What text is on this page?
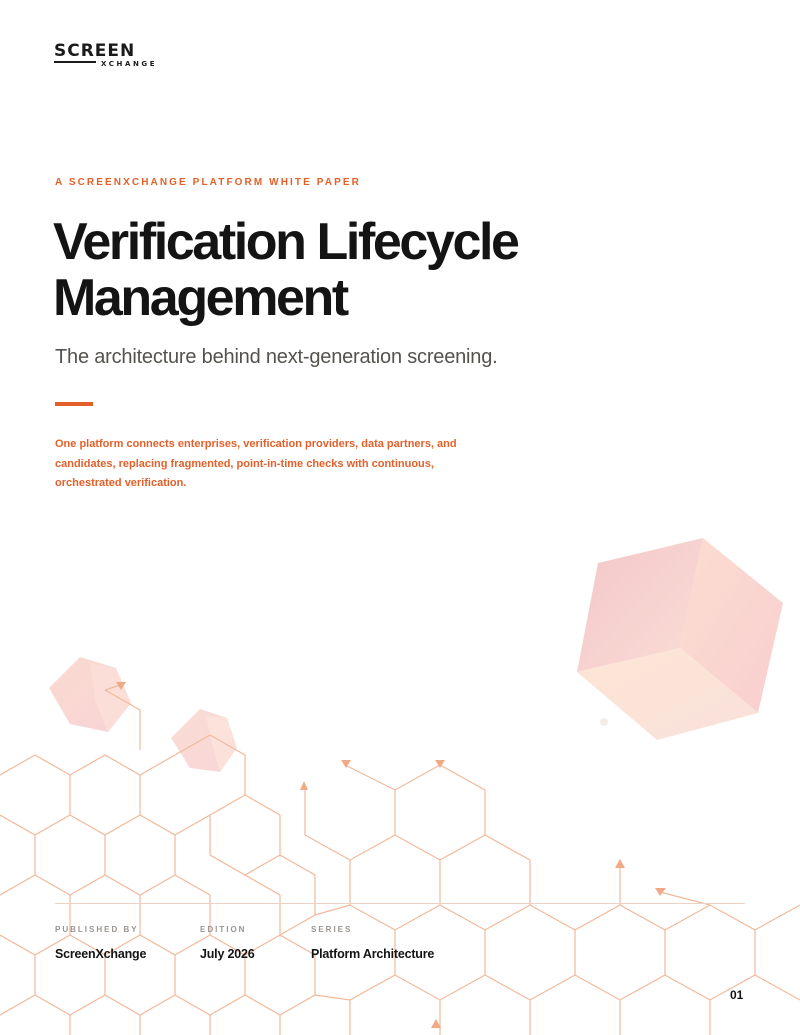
SCREEN
XCHANGE
A SCREENXCHANGE PLATFORM WHITE PAPER
Verification Lifecycle
Management

The architecture behind next-generation screening.

One platform connects enterprises, verification providers, data partners, and candidates, replacing fragmented, point-in-time checks with continuous, orchestrated verification.

PUBLISHED BY
ScreenXchange
EDITION
July 2026
SERIES
Platform Architecture
01
